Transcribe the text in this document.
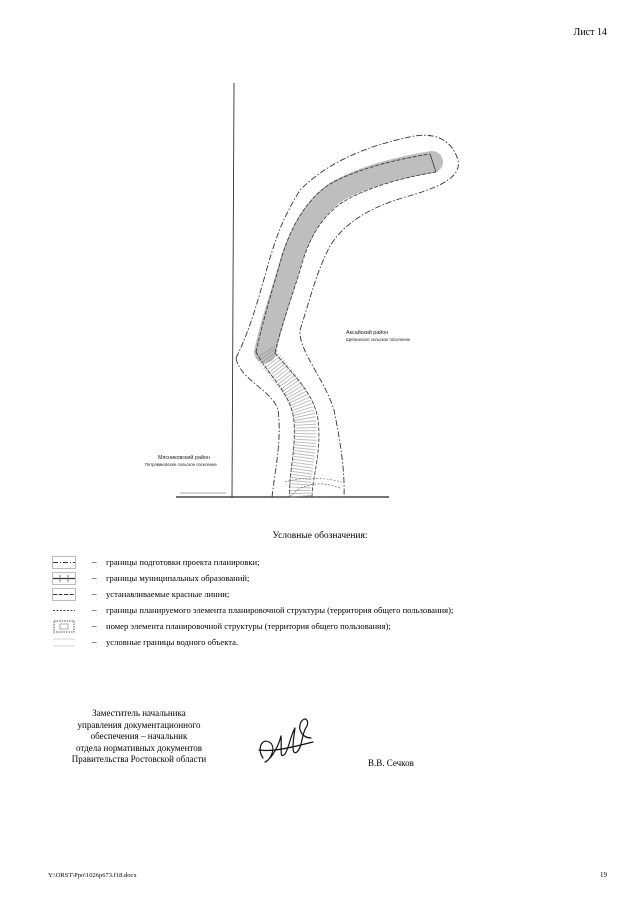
Лист 14
Аксайский район
Щепкинское сельское поселение
Мясниковский район
Петровиковское сельское поселение
Условные обозначения:
– границы подготовки проекта планировки;
– границы муниципальных образований;
– устанавливаемые красные линии;
– границы планируемого элемента планировочной структуры (территория общего пользования);
– номер элемента планировочной структуры (территория общего пользования);
– условные границы водного объекта.
Заместитель начальника
управления документационного
обеспечения – начальник
отдела нормативных документов
Правительства Ростовской области	В.В. Сечков
Y:\ORST\Ppo\1026p673.f18.docx	19
